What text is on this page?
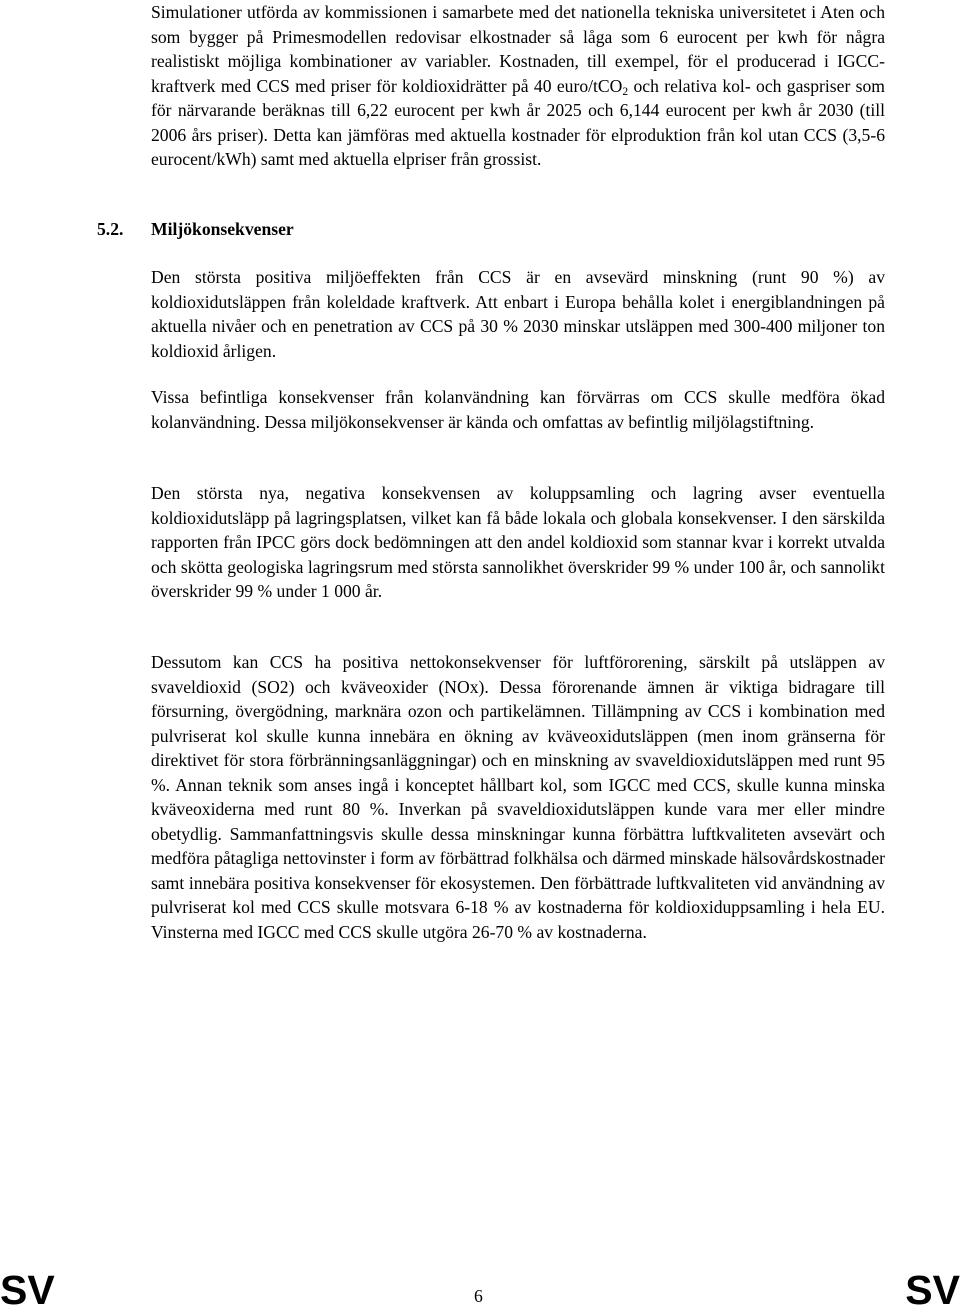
Simulationer utförda av kommissionen i samarbete med det nationella tekniska universitetet i Aten och som bygger på Primesmodellen redovisar elkostnader så låga som 6 eurocent per kwh för några realistiskt möjliga kombinationer av variabler. Kostnaden, till exempel, för el producerad i IGCC-kraftverk med CCS med priser för koldioxidrätter på 40 euro/tCO$_2$ och relativa kol- och gaspriser som för närvarande beräknas till 6,22 eurocent per kwh år 2025 och 6,144 eurocent per kwh år 2030 (till 2006 års priser). Detta kan jämföras med aktuella kostnader för elproduktion från kol utan CCS (3,5-6 eurocent/kWh) samt med aktuella elpriser från grossist.
5.2. Miljökonsekvenser

Den största positiva miljöeffekten från CCS är en avsevärd minskning (runt 90 %) av koldioxidutsläppen från koleldade kraftverk. Att enbart i Europa behålla kolet i energiblandningen på aktuella nivåer och en penetration av CCS på 30 % 2030 minskar utsläppen med 300-400 miljoner ton koldioxid årligen.

Vissa befintliga konsekvenser från kolanvändning kan förvärras om CCS skulle medföra ökad kolanvändning. Dessa miljökonsekvenser är kända och omfattas av befintlig miljölagstiftning.

Den största nya, negativa konsekvensen av koluppsamling och lagring avser eventuella koldioxidutsläpp på lagringsplatsen, vilket kan få både lokala och globala konsekvenser. I den särskilda rapporten från IPCC görs dock bedömningen att den andel koldioxid som stannar kvar i korrekt utvalda och skötta geologiska lagringsrum med största sannolikhet överskrider 99 % under 100 år, och sannolikt överskrider 99 % under 1 000 år.

Dessutom kan CCS ha positiva nettokonsekvenser för luftförorening, särskilt på utsläppen av svaveldioxid (SO2) och kväveoxider (NOx). Dessa förorenande ämnen är viktiga bidragare till försurning, övergödning, marknära ozon och partikelämnen. Tillämpning av CCS i kombination med pulvriserat kol skulle kunna innebära en ökning av kväveoxidutsläppen (men inom gränserna för direktivet för stora förbränningsanläggningar) och en minskning av svaveldioxidutsläppen med runt 95 %. Annan teknik som anses ingå i konceptet hållbart kol, som IGCC med CCS, skulle kunna minska kväveoxiderna med runt 80 %. Inverkan på svaveldioxidutsläppen kunde vara mer eller mindre obetydlig. Sammanfattningsvis skulle dessa minskningar kunna förbättra luftkvaliteten avsevärt och medföra påtagliga nettovinster i form av förbättrad folkhälsa och därmed minskade hälsovårdskostnader samt innebära positiva konsekvenser för ekosystemen. Den förbättrade luftkvaliteten vid användning av pulvriserat kol med CCS skulle motsvara 6-18 % av kostnaderna för koldioxiduppsamling i hela EU. Vinsterna med IGCC med CCS skulle utgöra 26-70 % av kostnaderna.

SV	6	SV
